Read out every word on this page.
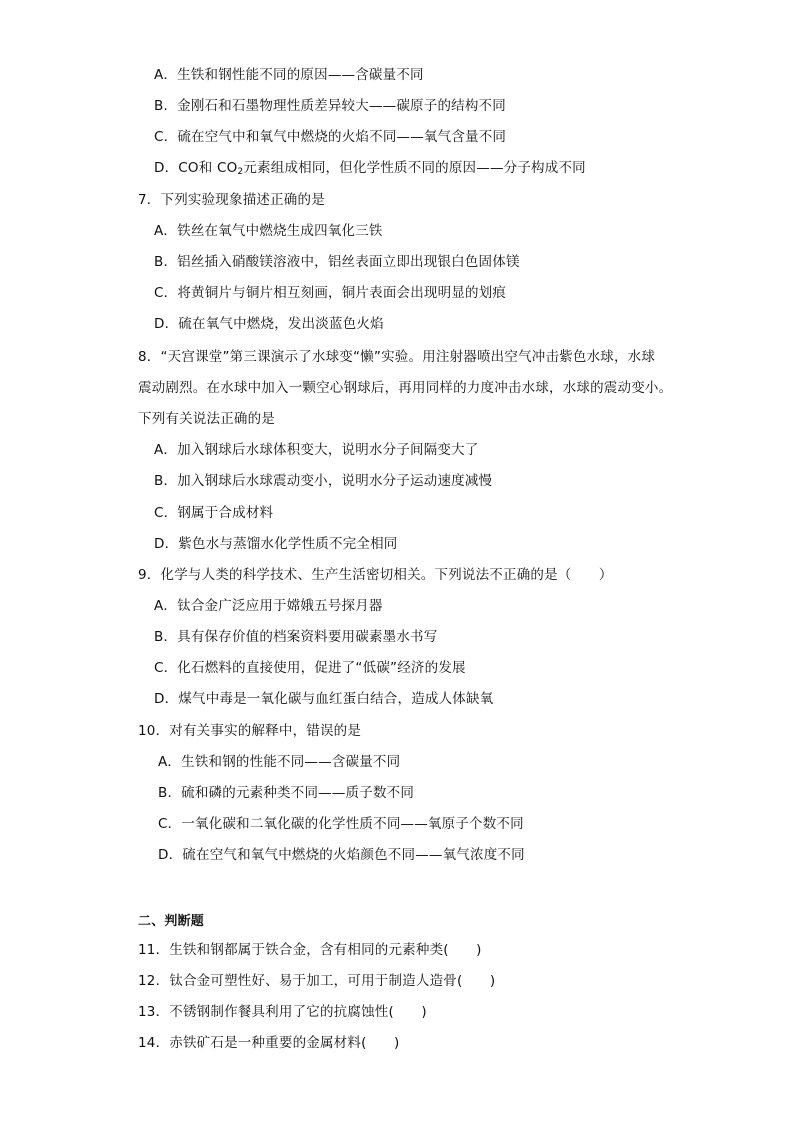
A．生铁和钢性能不同的原因——含碳量不同
B．金刚石和石墨物理性质差异较大——碳原子的结构不同
C．硫在空气中和氧气中燃烧的火焰不同——氧气含量不同
D．CO和 $CO_2$元素组成相同，但化学性质不同的原因——分子构成不同
7．下列实验现象描述正确的是
A．铁丝在氧气中燃烧生成四氧化三铁
B．铝丝插入硝酸镁溶液中，铝丝表面立即出现银白色固体镁
C．将黄铜片与铜片相互刻画，铜片表面会出现明显的划痕
D．硫在氧气中燃烧，发出淡蓝色火焰
8．“天宫课堂”第三课演示了水球变“懒”实验。用注射器喷出空气冲击紫色水球，水球
震动剧烈。在水球中加入一颗空心钢球后，再用同样的力度冲击水球，水球的震动变小。
下列有关说法正确的是
A．加入钢球后水球体积变大，说明水分子间隔变大了
B．加入钢球后水球震动变小，说明水分子运动速度减慢
C．钢属于合成材料
D．紫色水与蒸馏水化学性质不完全相同
9．化学与人类的科学技术、生产生活密切相关。下列说法不正确的是（　　）
A．钛合金广泛应用于嫦娥五号探月器
B．具有保存价值的档案资料要用碳素墨水书写
C．化石燃料的直接使用，促进了“低碳”经济的发展
D．煤气中毒是一氧化碳与血红蛋白结合，造成人体缺氧
10．对有关事实的解释中，错误的是
A．生铁和钢的性能不同——含碳量不同
B．硫和磷的元素种类不同——质子数不同
C．一氧化碳和二氧化碳的化学性质不同——氧原子个数不同
D．硫在空气和氧气中燃烧的火焰颜色不同——氧气浓度不同
二、判断题
11．生铁和钢都属于铁合金，含有相同的元素种类(　　)
12．钛合金可塑性好、易于加工，可用于制造人造骨(　　)
13．不锈钢制作餐具利用了它的抗腐蚀性(　　)
14．赤铁矿石是一种重要的金属材料(　　)
